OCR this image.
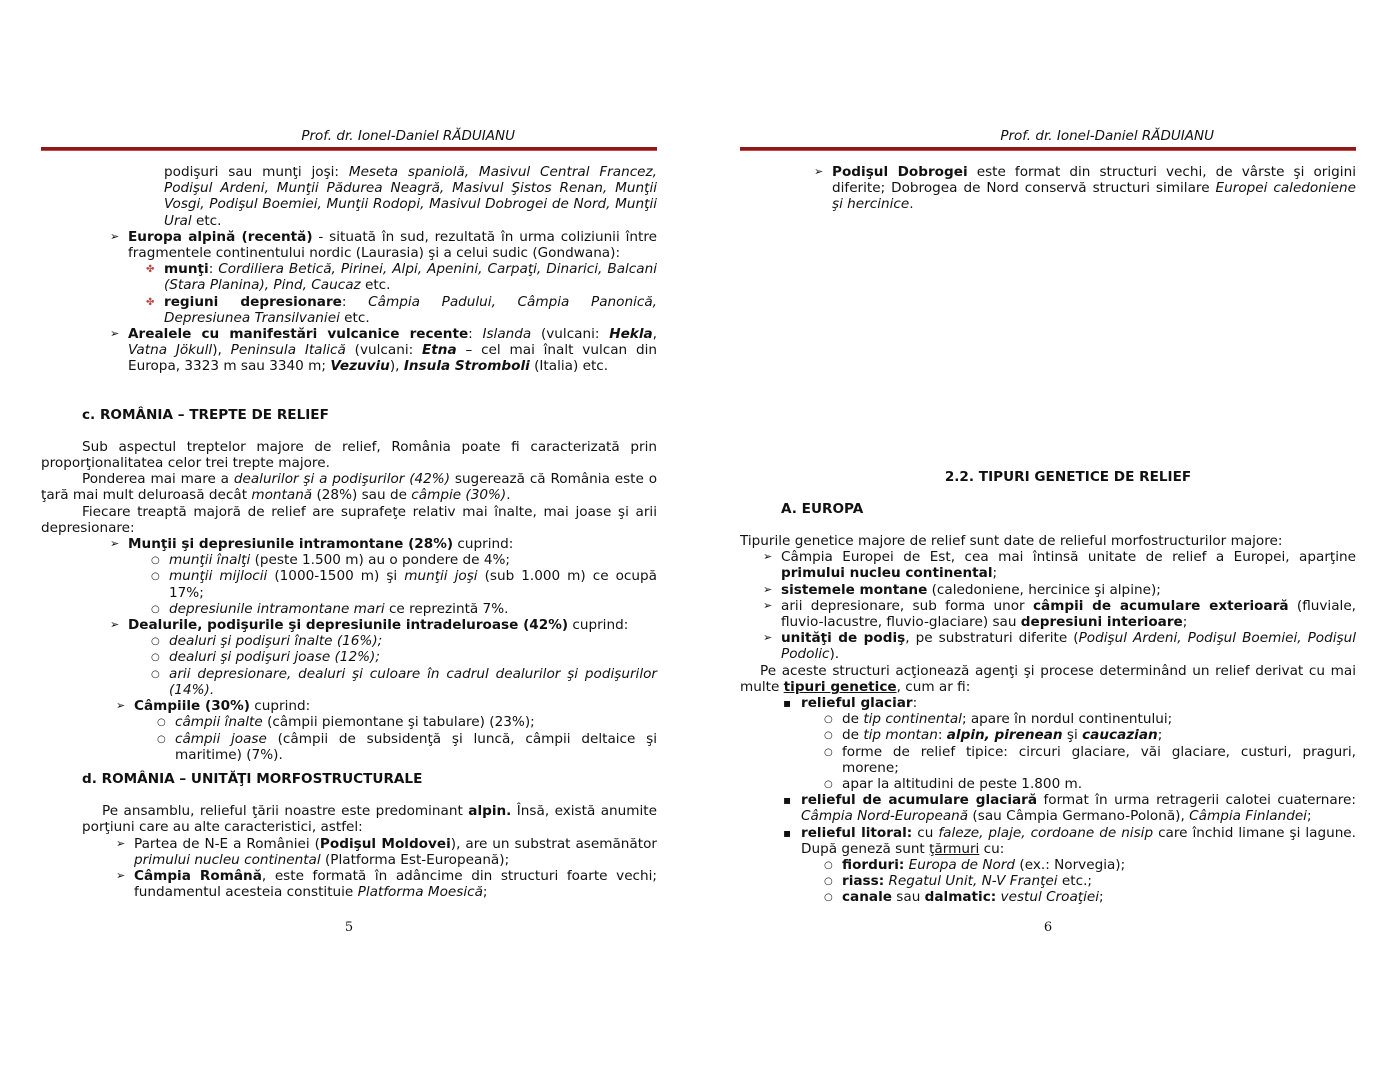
Prof. dr. Ionel-Daniel RĂDUIANU

podişuri sau munţi joşi: Meseta spaniolă, Masivul Central Francez, Podişul Ardeni, Munţii Pădurea Neagră, Masivul Şistos Renan, Munţii Vosgi, Podişul Boemiei, Munţii Rodopi, Masivul Dobrogei de Nord, Munţii Ural etc.

➢
Europa alpină (recentă) - situată în sud, rezultată în urma coliziunii între fragmentele continentului nordic (Laurasia) şi a celui sudic (Gondwana):
✤
munţi: Cordiliera Betică, Pirinei, Alpi, Apenini, Carpaţi, Dinarici, Balcani (Stara Planina), Pind, Caucaz etc.
✤
regiuni depresionare: Câmpia Padului, Câmpia Panonică, Depresiunea Transilvaniei etc.
➢
Arealele cu manifestări vulcanice recente: Islanda (vulcani: Hekla, Vatna Jökull), Peninsula Italică (vulcani: Etna – cel mai înalt vulcan din Europa, 3323 m sau 3340 m; Vezuviu), Insula Stromboli (Italia) etc.

c. ROMÂNIA – TREPTE DE RELIEF

Sub aspectul treptelor majore de relief, România poate fi caracterizată prin proporţionalitatea celor trei trepte majore.

Ponderea mai mare a dealurilor şi a podişurilor (42%) sugerează că România este o ţară mai mult deluroasă decât montană (28%) sau de câmpie (30%).

Fiecare treaptă majoră de relief are suprafeţe relativ mai înalte, mai joase şi arii depresionare:

➢
Munţii şi depresiunile intramontane (28%) cuprind:
○
munţii înalţi (peste 1.500 m) au o pondere de 4%;
○
munţii mijlocii (1000-1500 m) şi munţii joşi (sub 1.000 m) ce ocupă 17%;
○
depresiunile intramontane mari ce reprezintă 7%.
➢
Dealurile, podişurile şi depresiunile intradeluroase (42%) cuprind:
○
dealuri şi podişuri înalte (16%);
○
dealuri şi podişuri joase (12%);
○
arii depresionare, dealuri şi culoare în cadrul dealurilor şi podişurilor (14%).
➢
Câmpiile (30%) cuprind:
○
câmpii înalte (câmpii piemontane şi tabulare) (23%);
○
câmpii joase (câmpii de subsidenţă şi luncă, câmpii deltaice şi maritime) (7%).

d. ROMÂNIA – UNITĂŢI MORFOSTRUCTURALE

Pe ansamblu, relieful ţării noastre este predominant alpin. Însă, există anumite porţiuni care au alte caracteristici, astfel:

➢
Partea de N-E a României (Podişul Moldovei), are un substrat asemănător primului nucleu continental (Platforma Est-Europeană);
➢
Câmpia Română, este formată în adâncime din structuri foarte vechi; fundamentul acesteia constituie Platforma Moesică;
5
Prof. dr. Ionel-Daniel RĂDUIANU
➢
Podişul Dobrogei este format din structuri vechi, de vârste şi origini diferite; Dobrogea de Nord conservă structuri similare Europei caledoniene şi hercinice.

2.2. TIPURI GENETICE DE RELIEF

A. EUROPA

Tipurile genetice majore de relief sunt date de relieful morfostructurilor majore:

➢
Câmpia Europei de Est, cea mai întinsă unitate de relief a Europei, aparţine primului nucleu continental;
➢
sistemele montane (caledoniene, hercinice şi alpine);
➢
arii depresionare, sub forma unor câmpii de acumulare exterioară (fluviale, fluvio-lacustre, fluvio-glaciare) sau depresiuni interioare;
➢
unităţi de podiş, pe substraturi diferite (Podişul Ardeni, Podişul Boemiei, Podişul Podolic).

Pe aceste structuri acţionează agenţi şi procese determinând un relief derivat cu mai multe tipuri genetice, cum ar fi:

▪
relieful glaciar:
○
de tip continental; apare în nordul continentului;
○
de tip montan: alpin, pirenean şi caucazian;
○
forme de relief tipice: circuri glaciare, văi glaciare, custuri, praguri, morene;
○
apar la altitudini de peste 1.800 m.
▪
relieful de acumulare glaciară format în urma retragerii calotei cuaternare: Câmpia Nord-Europeană (sau Câmpia Germano-Polonă), Câmpia Finlandei;
▪
relieful litoral: cu faleze, plaje, cordoane de nisip care închid limane şi lagune. După geneză sunt ţărmuri cu:
○
fiorduri: Europa de Nord (ex.: Norvegia);
○
riass: Regatul Unit, N-V Franţei etc.;
○
canale sau dalmatic: vestul Croaţiei;
6
